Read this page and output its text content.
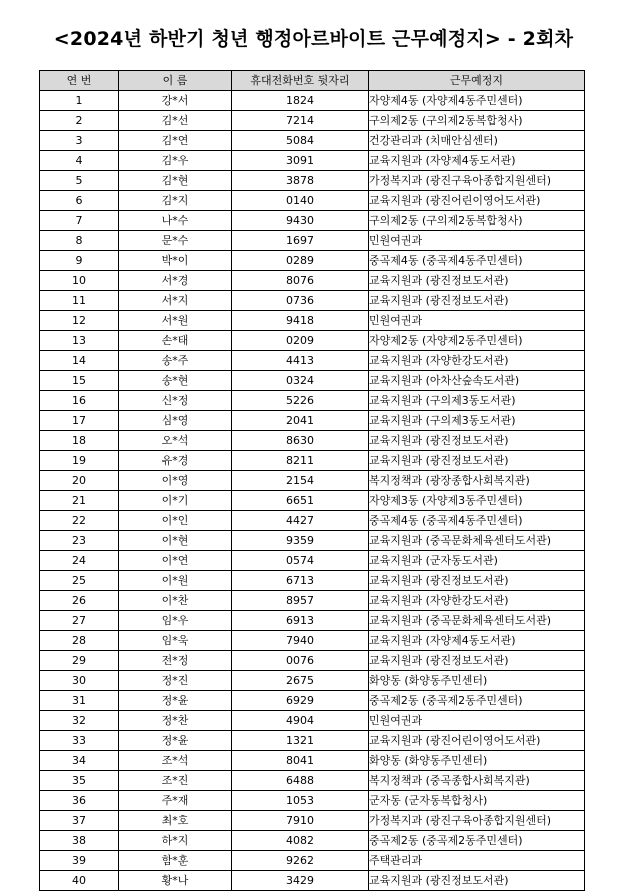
<2024년 하반기 청년 행정아르바이트 근무예정지> - 2회차
연 번	이 름	휴대전화번호 뒷자리	근무예정지
1	강*서	1824	자양제4동 (자양제4동주민센터)
2	김*선	7214	구의제2동 (구의제2동복합청사)
3	김*연	5084	건강관리과 (치매안심센터)
4	김*우	3091	교육지원과 (자양제4동도서관)
5	김*현	3878	가정복지과 (광진구육아종합지원센터)
6	김*지	0140	교육지원과 (광진어린이영어도서관)
7	나*수	9430	구의제2동 (구의제2동복합청사)
8	문*수	1697	민원여권과
9	박*이	0289	중곡제4동 (중곡제4동주민센터)
10	서*경	8076	교육지원과 (광진정보도서관)
11	서*지	0736	교육지원과 (광진정보도서관)
12	서*원	9418	민원여권과
13	손*태	0209	자양제2동 (자양제2동주민센터)
14	송*주	4413	교육지원과 (자양한강도서관)
15	송*현	0324	교육지원과 (아차산숲속도서관)
16	신*정	5226	교육지원과 (구의제3동도서관)
17	심*영	2041	교육지원과 (구의제3동도서관)
18	오*석	8630	교육지원과 (광진정보도서관)
19	유*경	8211	교육지원과 (광진정보도서관)
20	이*영	2154	복지정책과 (광장종합사회복지관)
21	이*기	6651	자양제3동 (자양제3동주민센터)
22	이*인	4427	중곡제4동 (중곡제4동주민센터)
23	이*현	9359	교육지원과 (중곡문화체육센터도서관)
24	이*연	0574	교육지원과 (군자동도서관)
25	이*원	6713	교육지원과 (광진정보도서관)
26	이*찬	8957	교육지원과 (자양한강도서관)
27	임*우	6913	교육지원과 (중곡문화체육센터도서관)
28	임*욱	7940	교육지원과 (자양제4동도서관)
29	전*정	0076	교육지원과 (광진정보도서관)
30	정*진	2675	화양동 (화양동주민센터)
31	정*윤	6929	중곡제2동 (중곡제2동주민센터)
32	정*찬	4904	민원여권과
33	정*윤	1321	교육지원과 (광진어린이영어도서관)
34	조*석	8041	화양동 (화양동주민센터)
35	조*진	6488	복지정책과 (중곡종합사회복지관)
36	주*재	1053	군자동 (군자동복합청사)
37	최*호	7910	가정복지과 (광진구육아종합지원센터)
38	하*지	4082	중곡제2동 (중곡제2동주민센터)
39	함*훈	9262	주택관리과
40	황*나	3429	교육지원과 (광진정보도서관)
